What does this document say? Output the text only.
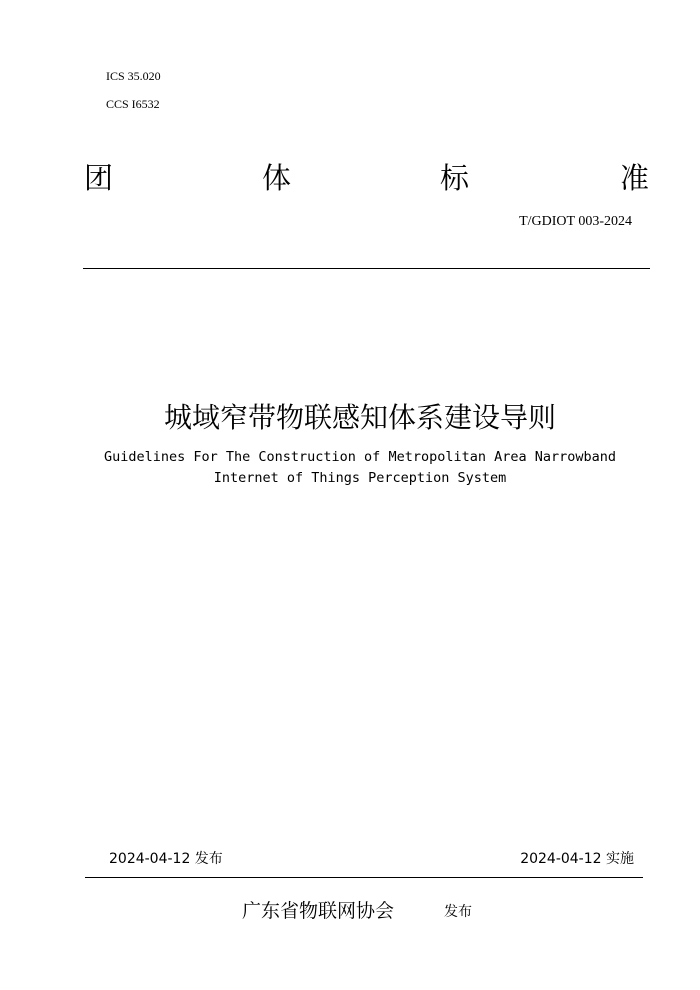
ICS 35.020
CCS I6532
团	体	标	准
T/GDIOT 003-2024
城域窄带物联感知体系建设导则
Guidelines For The Construction of Metropolitan Area Narrowband
Internet of Things Perception System
2024-04-12 发布	2024-04-12 实施
广东省物联网协会	发布
